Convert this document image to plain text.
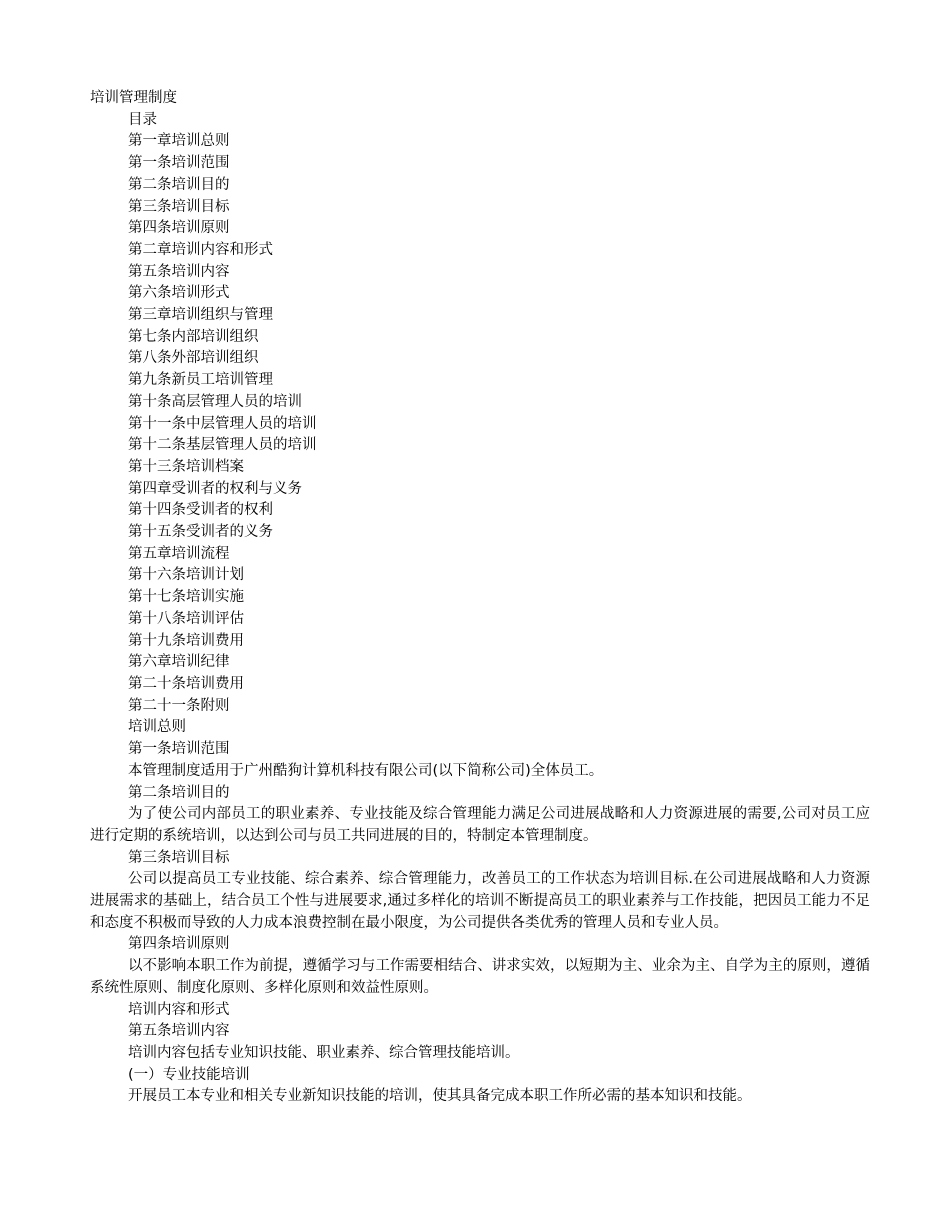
培训管理制度
目录
第一章培训总则
第一条培训范围
第二条培训目的
第三条培训目标
第四条培训原则
第二章培训内容和形式
第五条培训内容
第六条培训形式
第三章培训组织与管理
第七条内部培训组织
第八条外部培训组织
第九条新员工培训管理
第十条高层管理人员的培训
第十一条中层管理人员的培训
第十二条基层管理人员的培训
第十三条培训档案
第四章受训者的权利与义务
第十四条受训者的权利
第十五条受训者的义务
第五章培训流程
第十六条培训计划
第十七条培训实施
第十八条培训评估
第十九条培训费用
第六章培训纪律
第二十条培训费用
第二十一条附则
培训总则
第一条培训范围

本管理制度适用于广州酷狗计算机科技有限公司(以下简称公司)全体员工。

第二条培训目的

为了使公司内部员工的职业素养、专业技能及综合管理能力满足公司进展战略和人力资源进展的需要,公司对员工应进行定期的系统培训，以达到公司与员工共同进展的目的，特制定本管理制度。

第三条培训目标

公司以提高员工专业技能、综合素养、综合管理能力，改善员工的工作状态为培训目标.在公司进展战略和人力资源进展需求的基础上，结合员工个性与进展要求,通过多样化的培训不断提高员工的职业素养与工作技能，把因员工能力不足和态度不积极而导致的人力成本浪费控制在最小限度，为公司提供各类优秀的管理人员和专业人员。

第四条培训原则

以不影响本职工作为前提，遵循学习与工作需要相结合、讲求实效，以短期为主、业余为主、自学为主的原则，遵循系统性原则、制度化原则、多样化原则和效益性原则。

培训内容和形式
第五条培训内容

培训内容包括专业知识技能、职业素养、综合管理技能培训。

(一）专业技能培训

开展员工本专业和相关专业新知识技能的培训，使其具备完成本职工作所必需的基本知识和技能。
